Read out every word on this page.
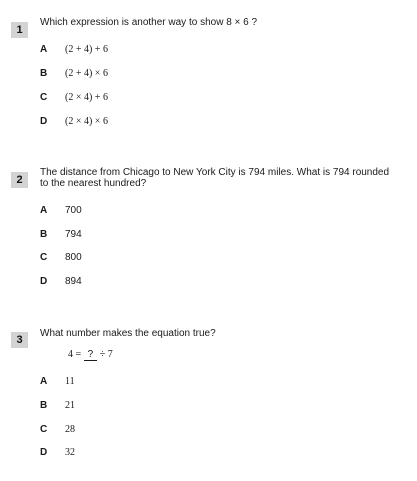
1
Which expression is another way to show 8 × 6 ?
A (2 + 4) + 6
B (2 + 4) × 6
C (2 × 4) + 6
D (2 × 4) × 6
2
The distance from Chicago to New York City is 794 miles. What is 794 rounded to the nearest hundred?
A 700
B 794
C 800
D 894
3
What number makes the equation true?
4 = ? ÷ 7
A 11
B 21
C 28
D 32
